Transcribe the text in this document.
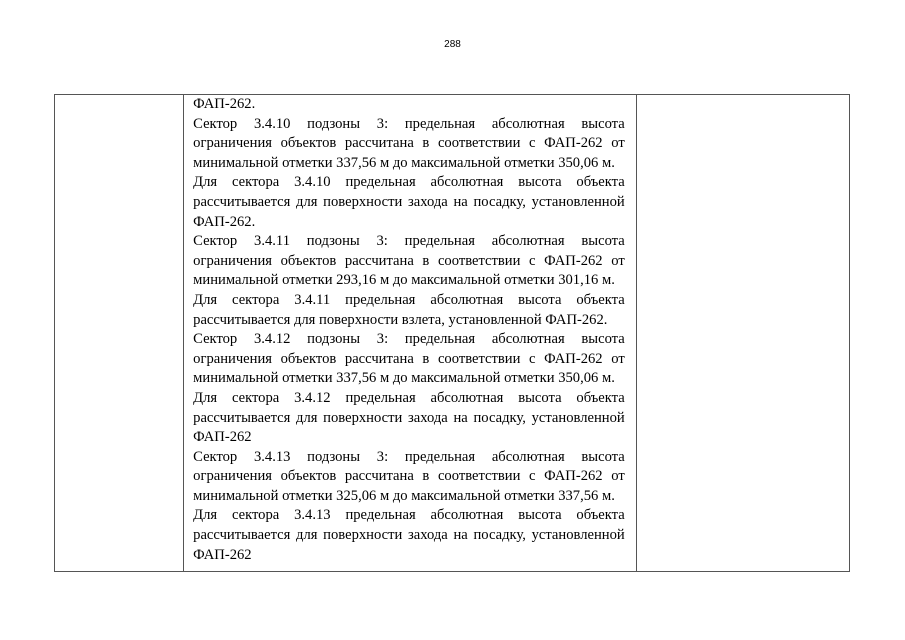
288

ФАП-262.

Сектор 3.4.10 подзоны 3: предельная абсолютная высота ограничения объектов рассчитана в соответствии с ФАП-262 от минимальной отметки 337,56 м до максимальной отметки 350,06 м.

Для сектора 3.4.10 предельная абсолютная высота объекта рассчитывается для поверхности захода на посадку, установленной ФАП-262.

Сектор 3.4.11 подзоны 3: предельная абсолютная высота ограничения объектов рассчитана в соответствии с ФАП-262 от минимальной отметки 293,16 м до максимальной отметки 301,16 м.

Для сектора 3.4.11 предельная абсолютная высота объекта рассчитывается для поверхности взлета, установленной ФАП-262.

Сектор 3.4.12 подзоны 3: предельная абсолютная высота ограничения объектов рассчитана в соответствии с ФАП-262 от минимальной отметки 337,56 м до максимальной отметки 350,06 м.

Для сектора 3.4.12 предельная абсолютная высота объекта рассчитывается для поверхности захода на посадку, установленной ФАП-262

Сектор 3.4.13 подзоны 3: предельная абсолютная высота ограничения объектов рассчитана в соответствии с ФАП-262 от минимальной отметки 325,06 м до максимальной отметки 337,56 м.

Для сектора 3.4.13 предельная абсолютная высота объекта рассчитывается для поверхности захода на посадку, установленной ФАП-262
